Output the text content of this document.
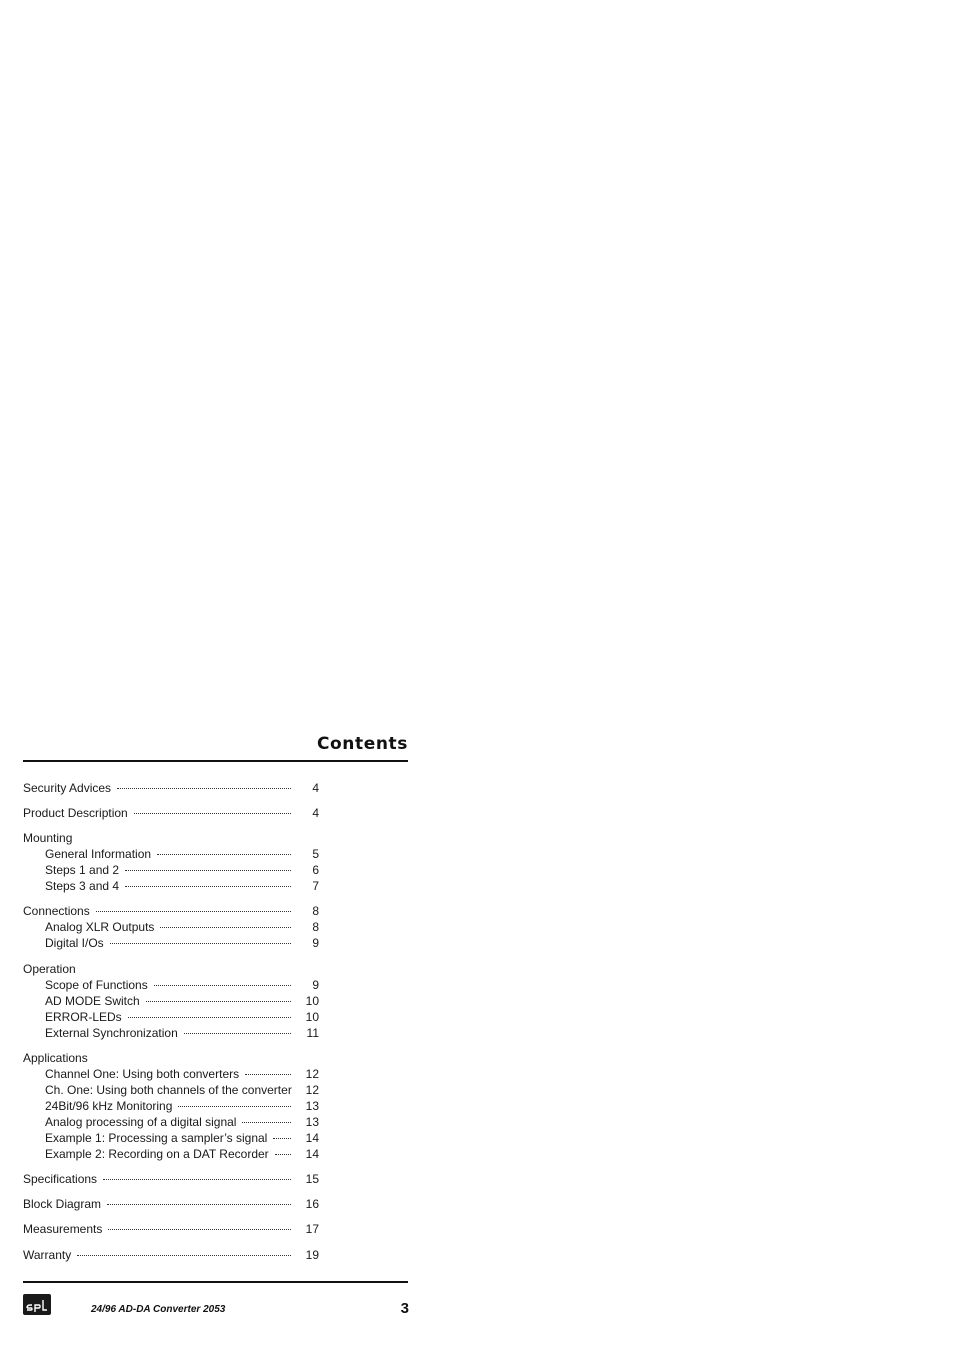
Contents
Security Advices	4
Product Description	4
Mounting
General Information	5
Steps 1 and 2	6
Steps 3 and 4	7
Connections	8
Analog XLR Outputs	8
Digital I/Os	9
Operation
Scope of Functions	9
AD MODE Switch	10
ERROR-LEDs	10
External Synchronization	11
Applications
Channel One: Using both converters	12
Ch. One: Using both channels of the converter	12
24Bit/96 kHz Monitoring	13
Analog processing of a digital signal	13
Example 1: Processing a sampler’s signal	14
Example 2: Recording on a DAT Recorder	14
Specifications	15
Block Diagram	16
Measurements	17
Warranty	19
24/96 AD-DA Converter 2053	3
